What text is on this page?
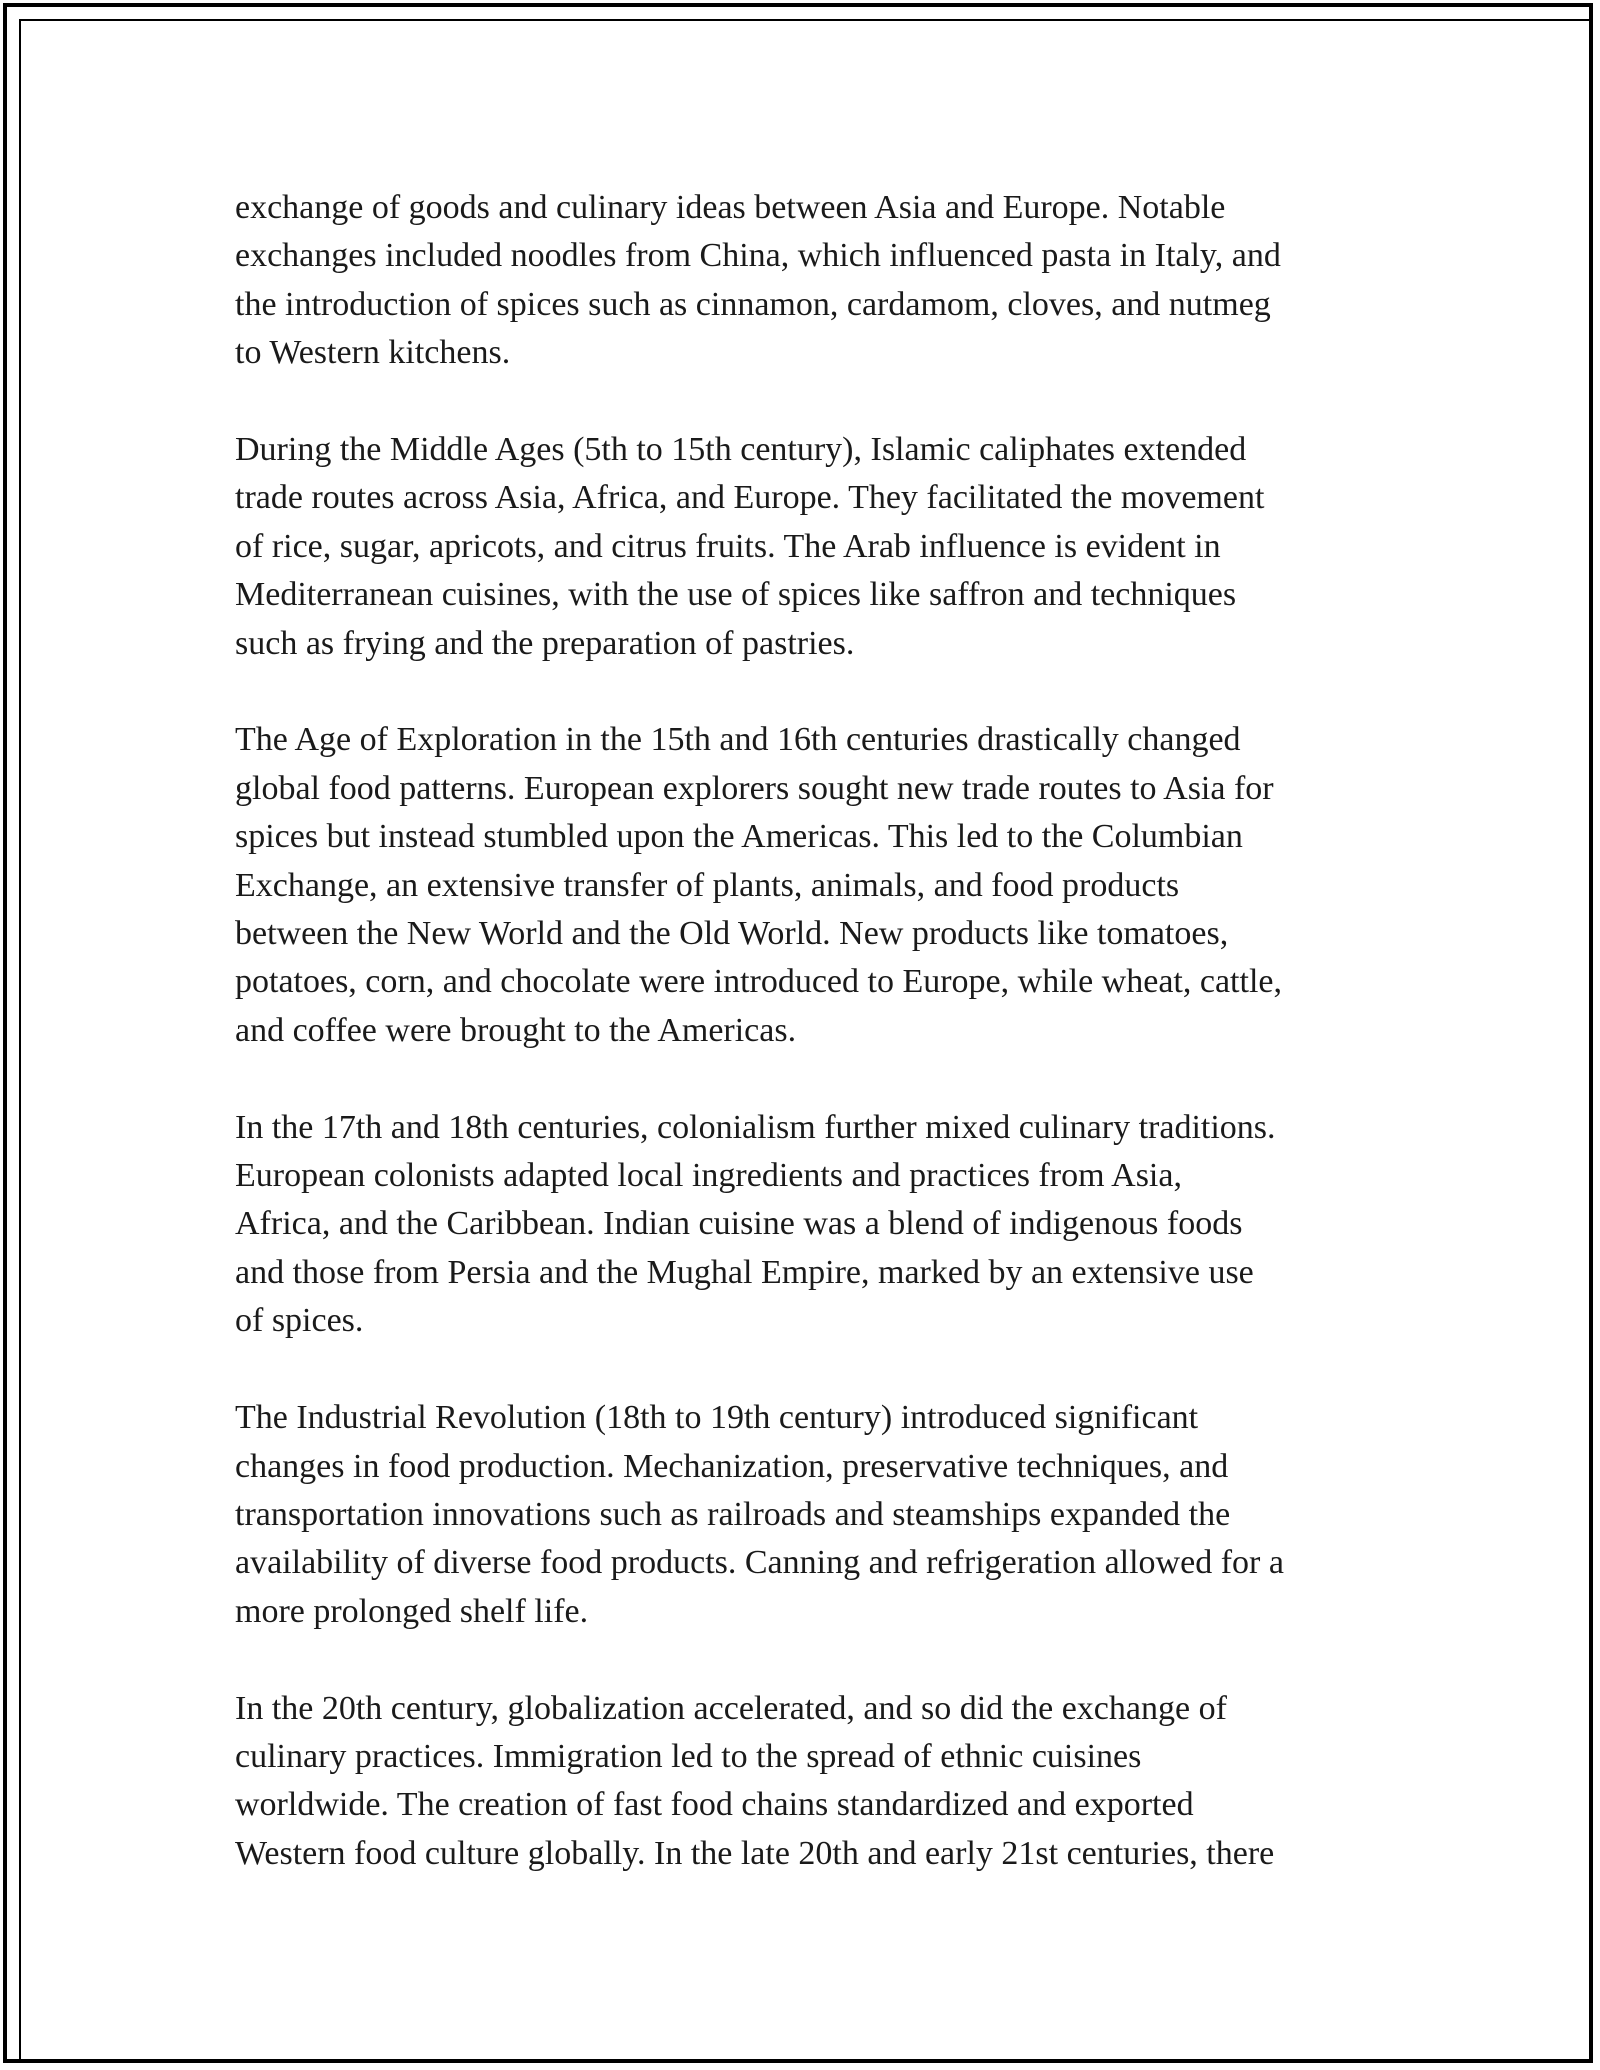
exchange of goods and culinary ideas between Asia and Europe. Notable
exchanges included noodles from China, which influenced pasta in Italy, and
the introduction of spices such as cinnamon, cardamom, cloves, and nutmeg
to Western kitchens.

During the Middle Ages (5th to 15th century), Islamic caliphates extended
trade routes across Asia, Africa, and Europe. They facilitated the movement
of rice, sugar, apricots, and citrus fruits. The Arab influence is evident in
Mediterranean cuisines, with the use of spices like saffron and techniques
such as frying and the preparation of pastries.

The Age of Exploration in the 15th and 16th centuries drastically changed
global food patterns. European explorers sought new trade routes to Asia for
spices but instead stumbled upon the Americas. This led to the Columbian
Exchange, an extensive transfer of plants, animals, and food products
between the New World and the Old World. New products like tomatoes,
potatoes, corn, and chocolate were introduced to Europe, while wheat, cattle,
and coffee were brought to the Americas.

In the 17th and 18th centuries, colonialism further mixed culinary traditions.
European colonists adapted local ingredients and practices from Asia,
Africa, and the Caribbean. Indian cuisine was a blend of indigenous foods
and those from Persia and the Mughal Empire, marked by an extensive use
of spices.

The Industrial Revolution (18th to 19th century) introduced significant
changes in food production. Mechanization, preservative techniques, and
transportation innovations such as railroads and steamships expanded the
availability of diverse food products. Canning and refrigeration allowed for a
more prolonged shelf life.

In the 20th century, globalization accelerated, and so did the exchange of
culinary practices. Immigration led to the spread of ethnic cuisines
worldwide. The creation of fast food chains standardized and exported
Western food culture globally. In the late 20th and early 21st centuries, there
